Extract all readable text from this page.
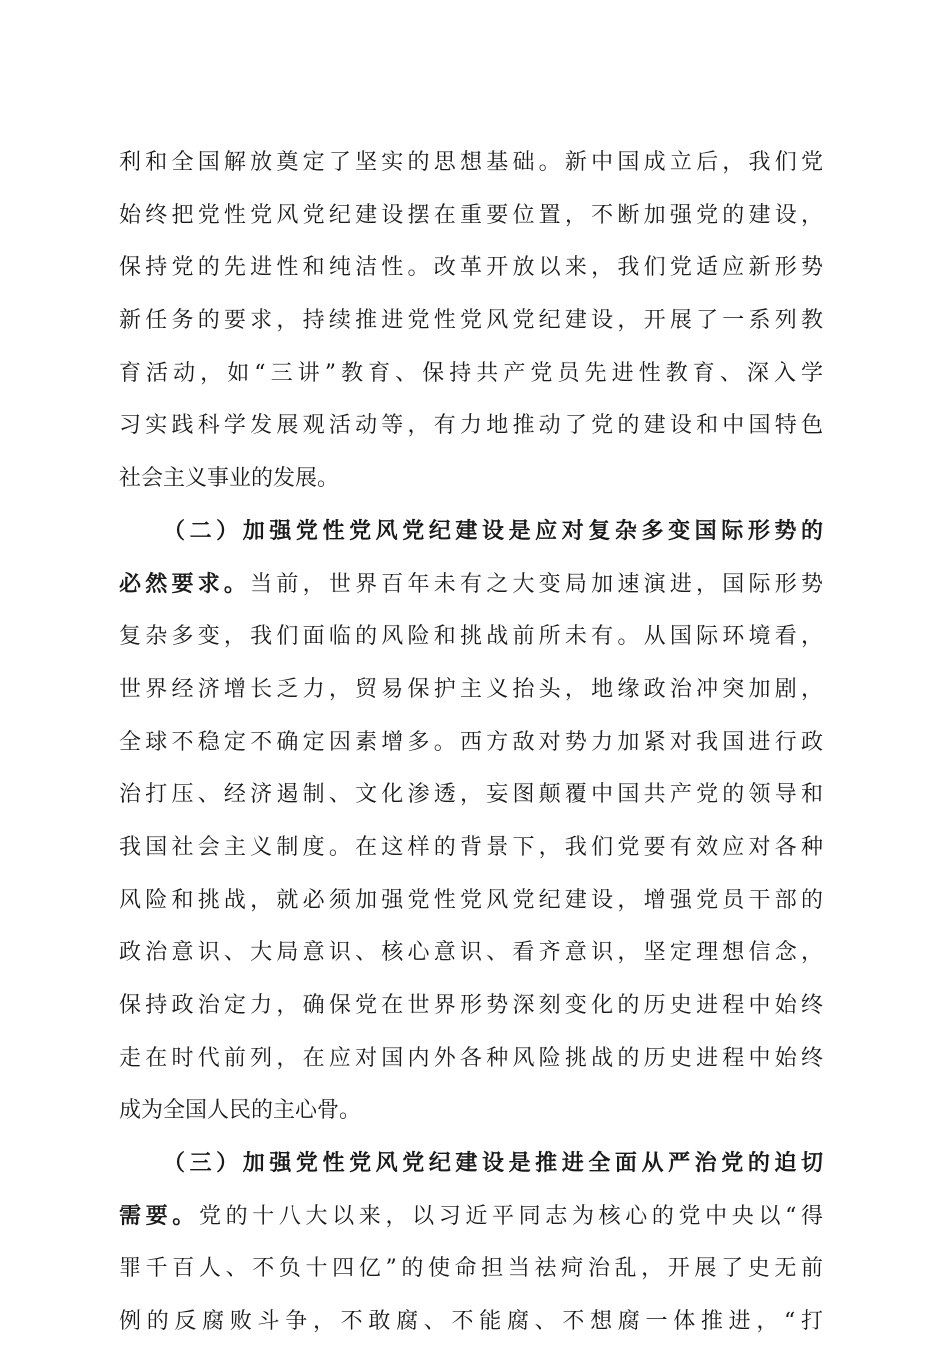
利和全国解放奠定了坚实的思想基础。新中国成立后，我们党
始终把党性党风党纪建设摆在重要位置，不断加强党的建设，
保持党的先进性和纯洁性。改革开放以来，我们党适应新形势
新任务的要求，持续推进党性党风党纪建设，开展了一系列教
育活动，如“三讲”教育、保持共产党员先进性教育、深入学
习实践科学发展观活动等，有力地推动了党的建设和中国特色
社会主义事业的发展。
（二）加强党性党风党纪建设是应对复杂多变国际形势的
必然要求。当前，世界百年未有之大变局加速演进，国际形势
复杂多变，我们面临的风险和挑战前所未有。从国际环境看，
世界经济增长乏力，贸易保护主义抬头，地缘政治冲突加剧，
全球不稳定不确定因素增多。西方敌对势力加紧对我国进行政
治打压、经济遏制、文化渗透，妄图颠覆中国共产党的领导和
我国社会主义制度。在这样的背景下，我们党要有效应对各种
风险和挑战，就必须加强党性党风党纪建设，增强党员干部的
政治意识、大局意识、核心意识、看齐意识，坚定理想信念，
保持政治定力，确保党在世界形势深刻变化的历史进程中始终
走在时代前列，在应对国内外各种风险挑战的历史进程中始终
成为全国人民的主心骨。
（三）加强党性党风党纪建设是推进全面从严治党的迫切
需要。党的十八大以来，以习近平同志为核心的党中央以“得
罪千百人、不负十四亿”的使命担当祛疴治乱，开展了史无前
例的反腐败斗争，不敢腐、不能腐、不想腐一体推进，“打
